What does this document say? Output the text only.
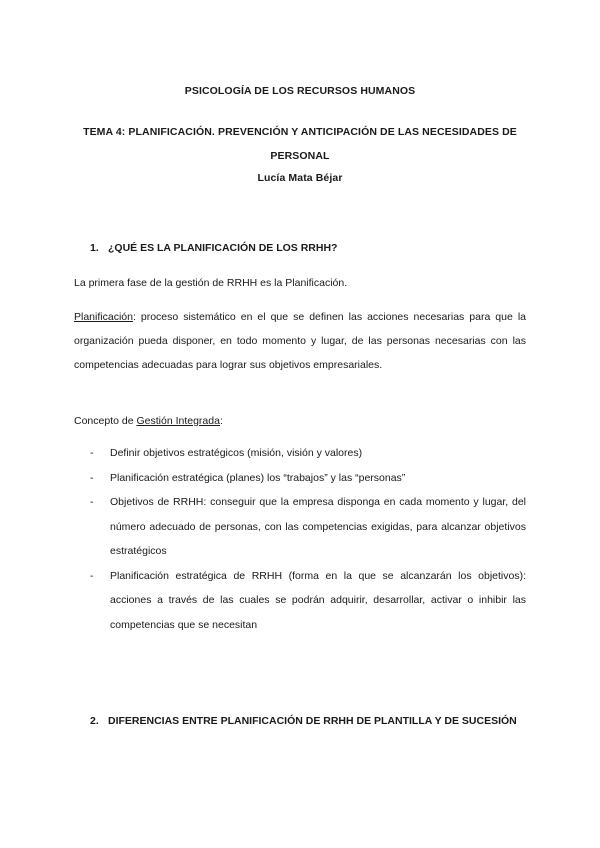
PSICOLOGÍA DE LOS RECURSOS HUMANOS
TEMA 4: PLANIFICACIÓN. PREVENCIÓN Y ANTICIPACIÓN DE LAS NECESIDADES DE PERSONAL
Lucía Mata Béjar
1. ¿QUÉ ES LA PLANIFICACIÓN DE LOS RRHH?
La primera fase de la gestión de RRHH es la Planificación.
Planificación: proceso sistemático en el que se definen las acciones necesarias para que la organización pueda disponer, en todo momento y lugar, de las personas necesarias con las competencias adecuadas para lograr sus objetivos empresariales.
Concepto de Gestión Integrada:
- Definir objetivos estratégicos (misión, visión y valores)
- Planificación estratégica (planes) los “trabajos” y las “personas”
- Objetivos de RRHH: conseguir que la empresa disponga en cada momento y lugar, del número adecuado de personas, con las competencias exigidas, para alcanzar objetivos estratégicos
- Planificación estratégica de RRHH (forma en la que se alcanzarán los objetivos): acciones a través de las cuales se podrán adquirir, desarrollar, activar o inhibir las competencias que se necesitan
2. DIFERENCIAS ENTRE PLANIFICACIÓN DE RRHH DE PLANTILLA Y DE SUCESIÓN
